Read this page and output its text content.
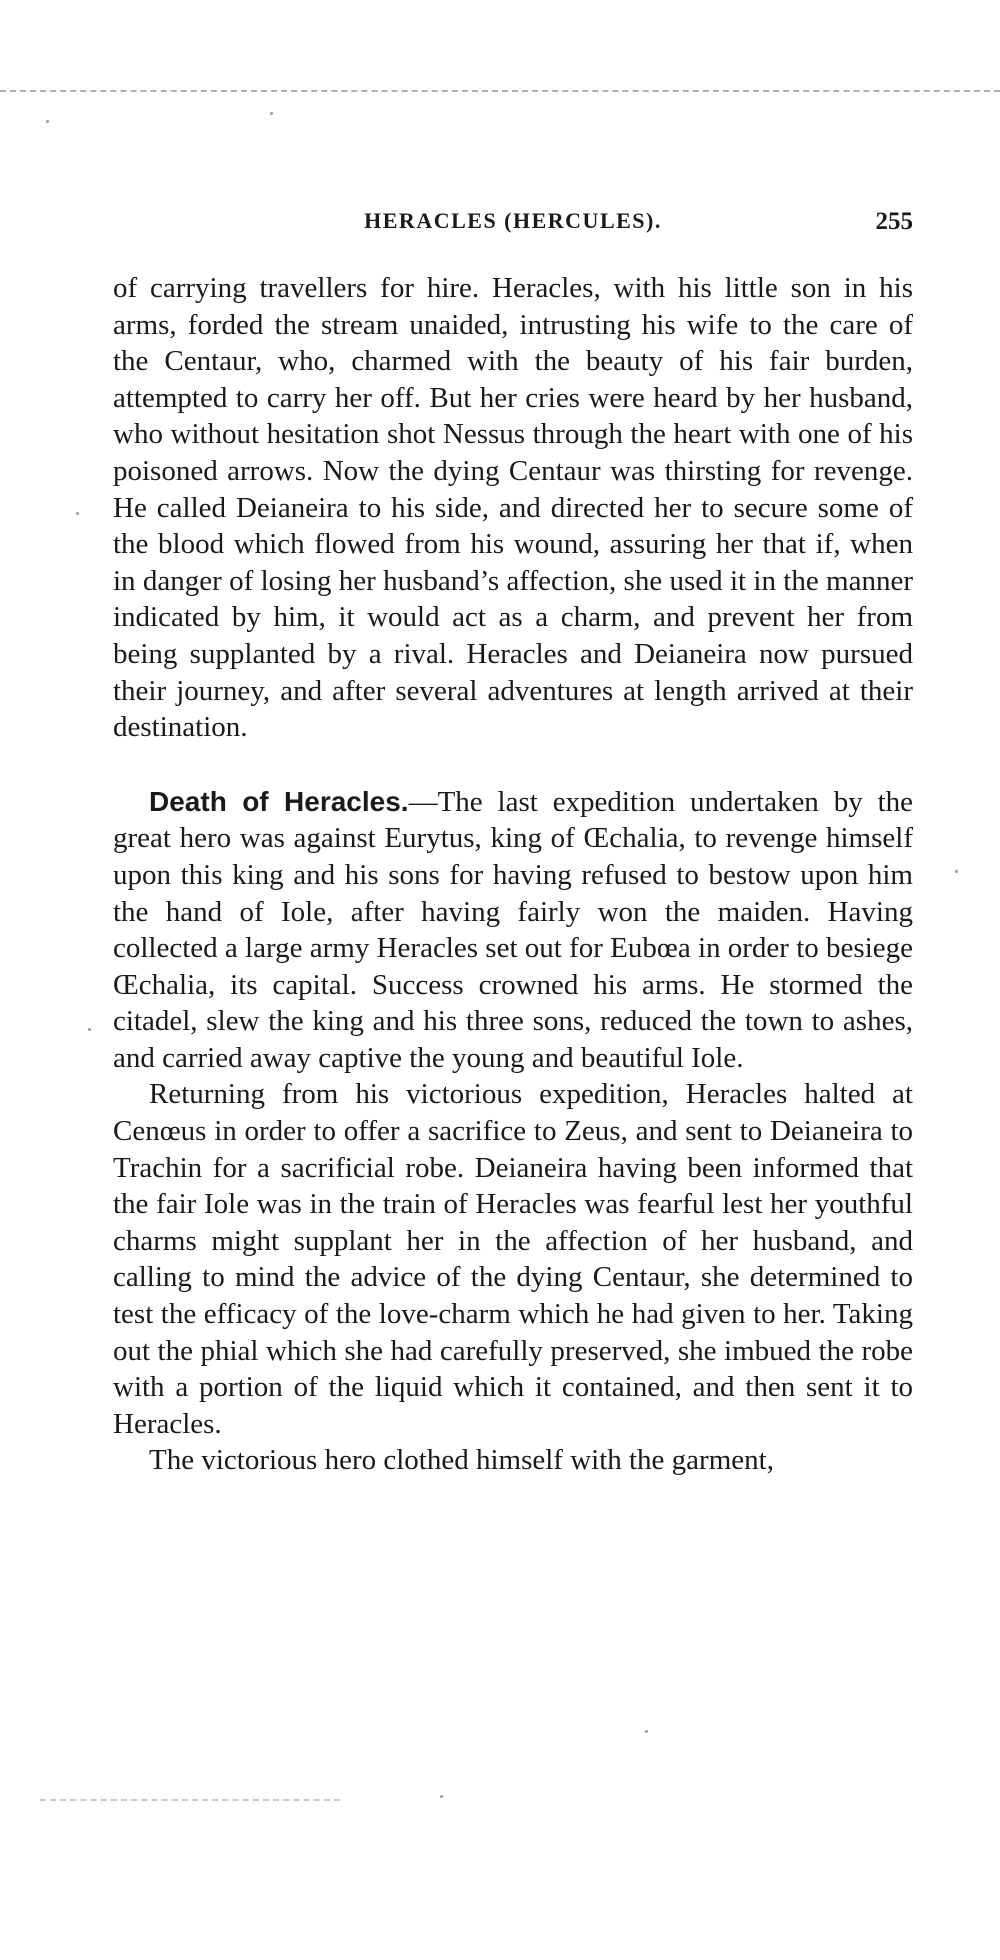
HERACLES (HERCULES).	255

of carrying travellers for hire. Heracles, with his little son in his arms, forded the stream unaided, intrusting his wife to the care of the Centaur, who, charmed with the beauty of his fair burden, attempted to carry her off. But her cries were heard by her husband, who without hesitation shot Nessus through the heart with one of his poisoned arrows. Now the dying Centaur was thirsting for revenge. He called Deianeira to his side, and directed her to secure some of the blood which flowed from his wound, assuring her that if, when in danger of losing her husband’s affection, she used it in the manner indicated by him, it would act as a charm, and prevent her from being supplanted by a rival. Heracles and Deianeira now pursued their journey, and after several adventures at length arrived at their destination.

Death of Heracles.—The last expedition undertaken by the great hero was against Eurytus, king of Œchalia, to revenge himself upon this king and his sons for having refused to bestow upon him the hand of Iole, after having fairly won the maiden. Having collected a large army Heracles set out for Eubœa in order to besiege Œchalia, its capital. Success crowned his arms. He stormed the citadel, slew the king and his three sons, reduced the town to ashes, and carried away captive the young and beautiful Iole.

Returning from his victorious expedition, Heracles halted at Cenœus in order to offer a sacrifice to Zeus, and sent to Deianeira to Trachin for a sacrificial robe. Deianeira having been informed that the fair Iole was in the train of Heracles was fearful lest her youthful charms might supplant her in the affection of her husband, and calling to mind the advice of the dying Centaur, she determined to test the efficacy of the love-charm which he had given to her. Taking out the phial which she had carefully preserved, she imbued the robe with a portion of the liquid which it contained, and then sent it to Heracles.

The victorious hero clothed himself with the garment,
